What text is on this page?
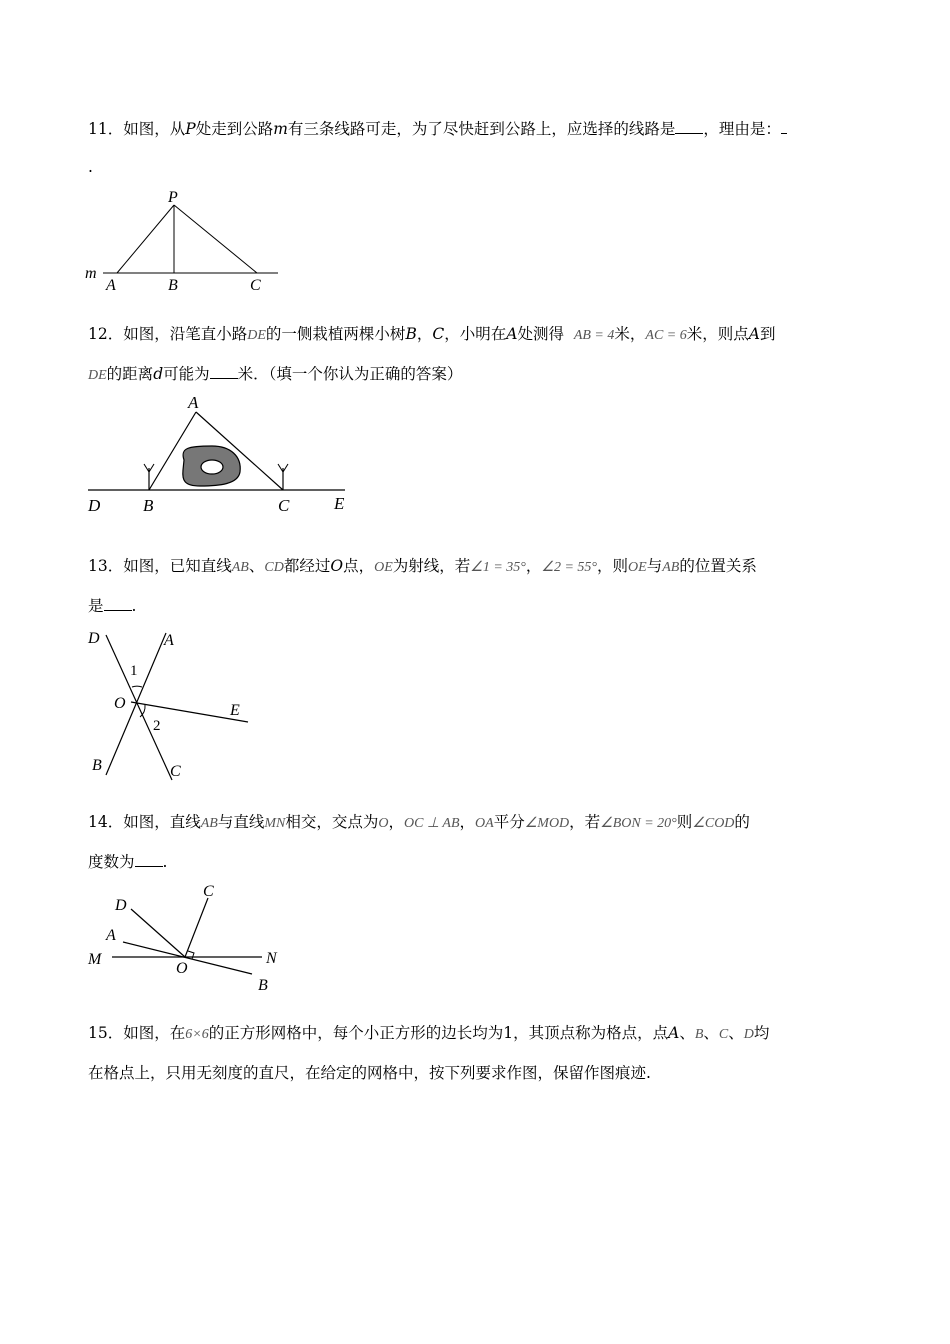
11．如图，从P处走到公路m有三条线路可走，为了尽快赶到公路上，应选择的线路是 ，理由是：
.
P
m
A	B	C
12．如图，沿笔直小路DE的一侧栽植两棵小树B，C，小明在A处测得 AB = 4米，AC = 6米，则点A到
DE的距离d可能为 米．（填一个你认为正确的答案）
A
D	B	C	E
13．如图，已知直线AB、CD都经过O点，OE为射线，若∠1 = 35°，∠2 = 55°，则OE与AB的位置关系
是 .
D	A
1
O	E
2
B	C
14．如图，直线AB与直线MN相交，交点为O，OC ⊥ AB，OA平分∠MOD，若∠BON = 20°则∠COD的
度数为 .
C
D
A
M
O
N
B
15．如图，在6×6的正方形网格中，每个小正方形的边长均为1，其顶点称为格点，点A、B、C、D均
在格点上，只用无刻度的直尺，在给定的网格中，按下列要求作图，保留作图痕迹.
